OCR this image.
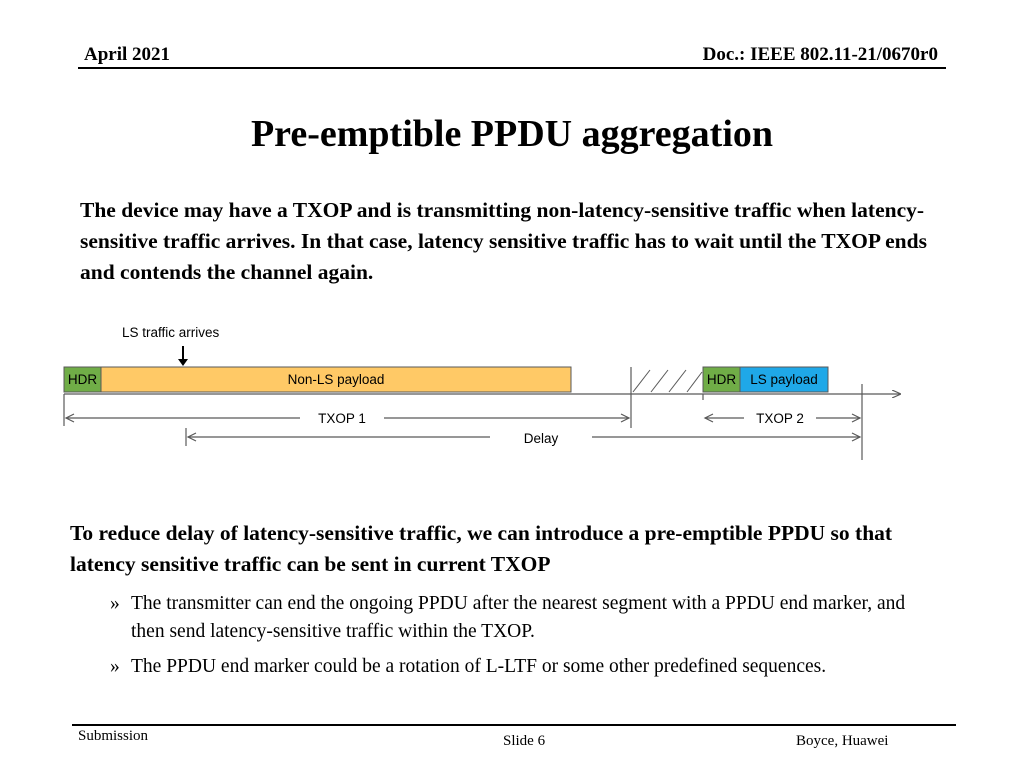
April 2021	Doc.: IEEE 802.11-21/0670r0
Pre-emptible PPDU aggregation
The device may have a TXOP and is transmitting non-latency-sensitive traffic when latency-sensitive traffic arrives. In that case, latency sensitive traffic has to wait until the TXOP ends and contends the channel again.
LS traffic arrives
HDR	Non-LS payload	HDR LS payload
TXOP 1	TXOP 2
Delay
To reduce delay of latency-sensitive traffic, we can introduce a pre-emptible PPDU so that latency sensitive traffic can be sent in current TXOP
» The transmitter can end the ongoing PPDU after the nearest segment with a PPDU end marker, and then send latency-sensitive traffic within the TXOP.
» The PPDU end marker could be a rotation of L-LTF or some other predefined sequences.
Submission	Slide 6	Boyce, Huawei
